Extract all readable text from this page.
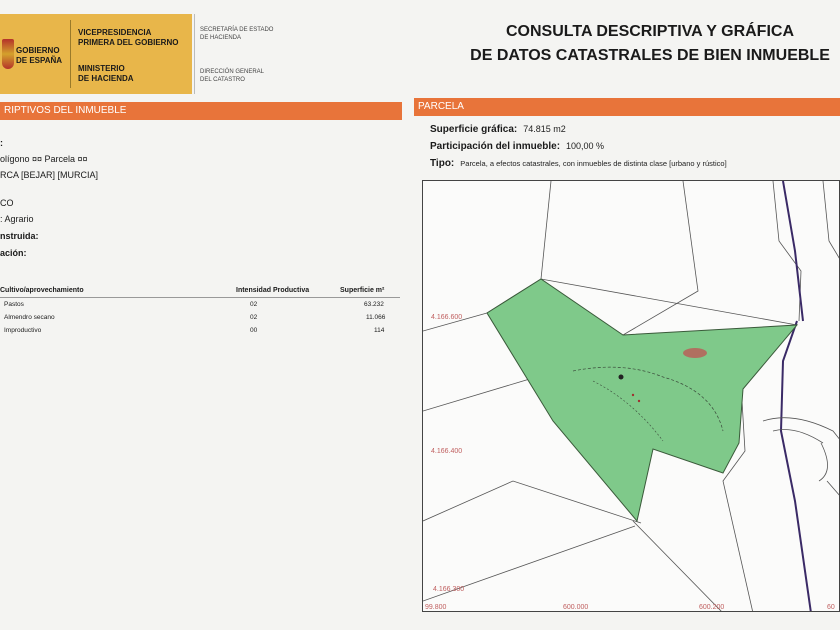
GOBIERNO
DE ESPAÑA
VICEPRESIDENCIA
PRIMERA DEL GOBIERNO
MINISTERIO
DE HACIENDA
SECRETARÍA DE ESTADO
DE HACIENDA
DIRECCIÓN GENERAL
DEL CATASTRO
CONSULTA DESCRIPTIVA Y GRÁFICA
DE DATOS CATASTRALES DE BIEN INMUEBLE
RIPTIVOS DEL INMUEBLE
:
olígono ¤¤ Parcela ¤¤
RCA [BEJAR] [MURCIA]
CO
: Agrario
nstruida:
ación:
Cultivo/aprovechamiento	Intensidad Productiva	Superficie m²
Pastos	02	63.232
Almendro secano	02	11.066
Improductivo	00	114
PARCELA
Superficie gráfica: 74.815 m2
Participación del inmueble: 100,00 %
Tipo: Parcela, a efectos catastrales, con inmuebles de distinta clase [urbano y rústico]
4.166.600
4.166.400
4.166.300
99.800	600.000	600.200	60
